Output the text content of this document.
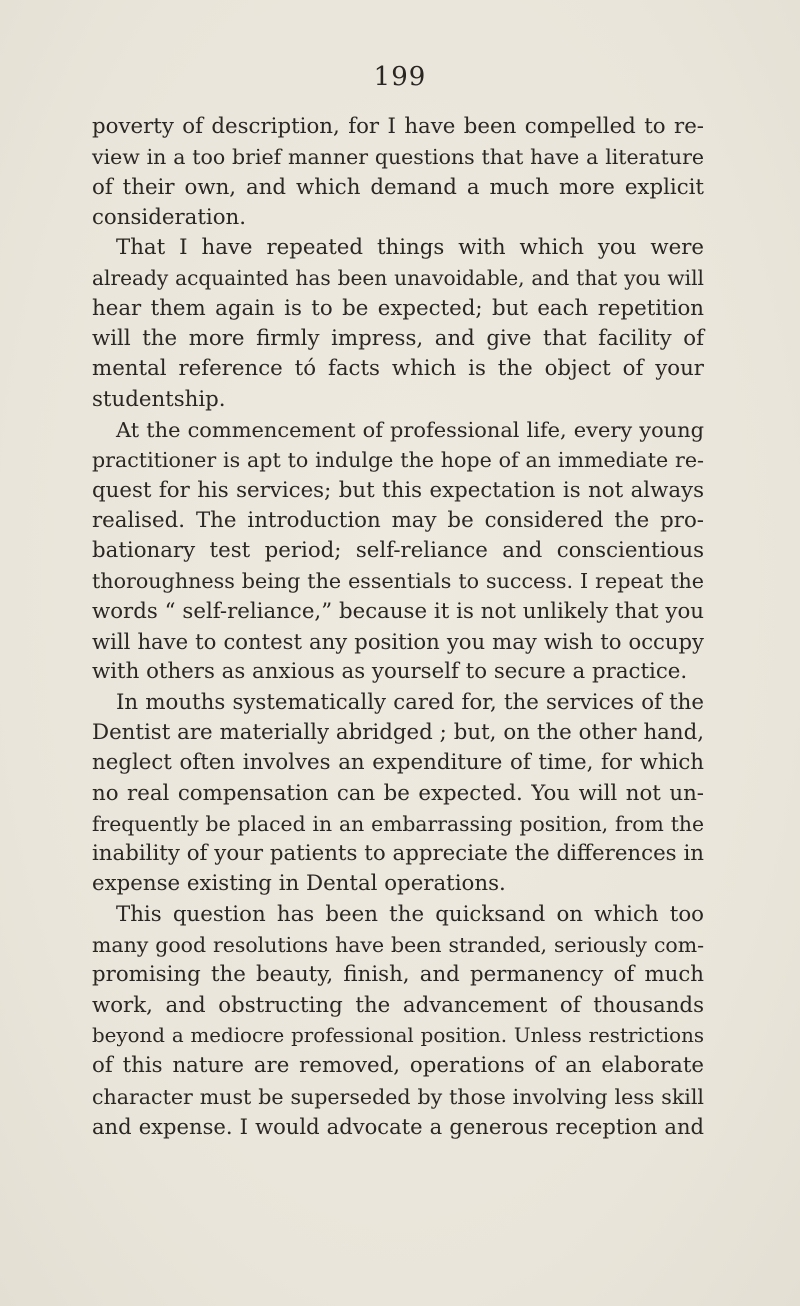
199
poverty of description, for I have been compelled to re-
view in a too brief manner questions that have a literature
of their own, and which demand a much more explicit
consideration.
That I have repeated things with which you were
already acquainted has been unavoidable, and that you will
hear them again is to be expected; but each repetition
will the more firmly impress, and give that facility of
mental reference tó facts which is the object of your
studentship.
At the commencement of professional life, every young
practitioner is apt to indulge the hope of an immediate re-
quest for his services; but this expectation is not always
realised. The introduction may be considered the pro-
bationary test period; self-reliance and conscientious
thoroughness being the essentials to success. I repeat the
words “ self-reliance,” because it is not unlikely that you
will have to contest any position you may wish to occupy
with others as anxious as yourself to secure a practice.
In mouths systematically cared for, the services of the
Dentist are materially abridged ; but, on the other hand,
neglect often involves an expenditure of time, for which
no real compensation can be expected. You will not un-
frequently be placed in an embarrassing position, from the
inability of your patients to appreciate the differences in
expense existing in Dental operations.
This question has been the quicksand on which too
many good resolutions have been stranded, seriously com-
promising the beauty, finish, and permanency of much
work, and obstructing the advancement of thousands
beyond a mediocre professional position. Unless restrictions
of this nature are removed, operations of an elaborate
character must be superseded by those involving less skill
and expense. I would advocate a generous reception and
